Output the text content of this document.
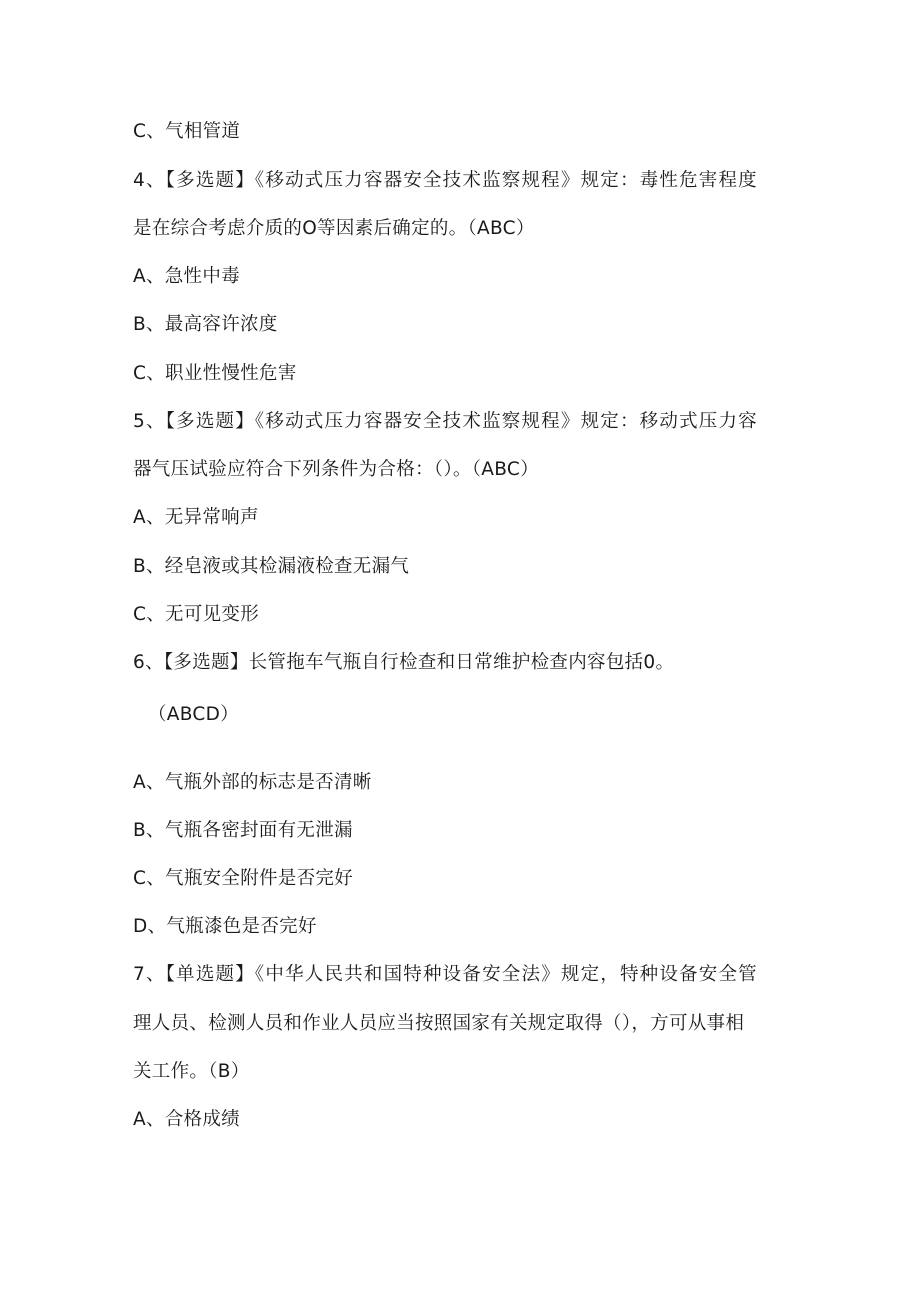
C、气相管道
4、【多选题】《移动式压力容器安全技术监察规程》规定：毒性危害程度
是在综合考虑介质的O等因素后确定的。（ABC）
A、急性中毒
B、最高容许浓度
C、职业性慢性危害
5、【多选题】《移动式压力容器安全技术监察规程》规定：移动式压力容
器气压试验应符合下列条件为合格：（）。（ABC）
A、无异常响声
B、经皂液或其检漏液检查无漏气
C、无可见变形
6、【多选题】长管拖车气瓶自行检查和日常维护检查内容包括0。
（ABCD）
A、气瓶外部的标志是否清晰
B、气瓶各密封面有无泄漏
C、气瓶安全附件是否完好
D、气瓶漆色是否完好
7、【单选题】《中华人民共和国特种设备安全法》规定，特种设备安全管
理人员、检测人员和作业人员应当按照国家有关规定取得（），方可从事相
关工作。（B）
A、合格成绩
